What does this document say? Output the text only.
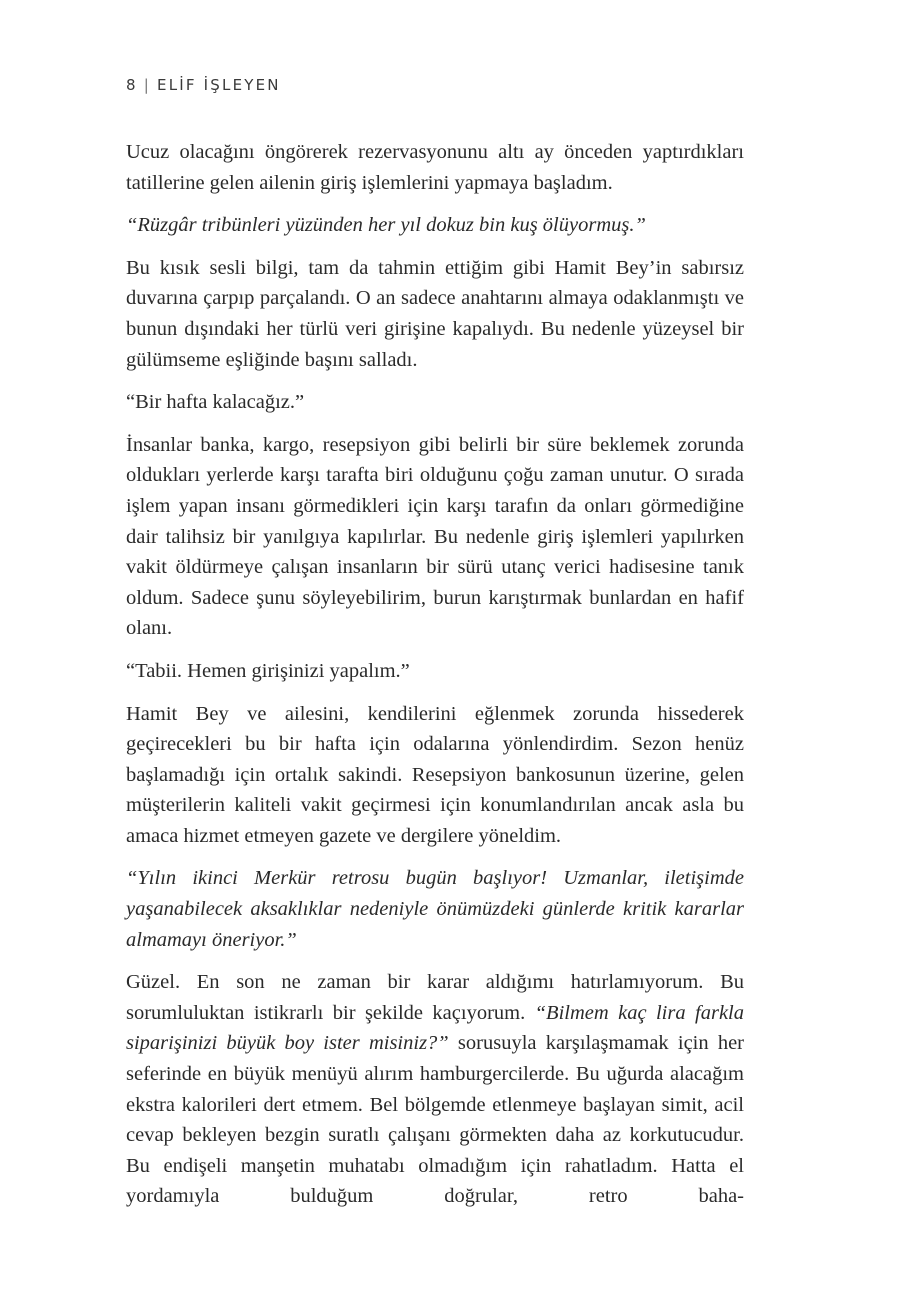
8 | ELİF İŞLEYEN

Ucuz olacağını öngörerek rezervasyonunu altı ay önceden yaptırdıkları tatillerine gelen ailenin giriş işlemlerini yapmaya başladım.

“Rüzgâr tribünleri yüzünden her yıl dokuz bin kuş ölüyormuş.”

Bu kısık sesli bilgi, tam da tahmin ettiğim gibi Hamit Bey’in sabırsız duvarına çarpıp parçalandı. O an sadece anahtarını almaya odaklanmıştı ve bunun dışındaki her türlü veri girişine kapalıydı. Bu nedenle yüzeysel bir gülümseme eşliğinde başını salladı.

“Bir hafta kalacağız.”

İnsanlar banka, kargo, resepsiyon gibi belirli bir süre beklemek zorunda oldukları yerlerde karşı tarafta biri olduğunu çoğu zaman unutur. O sırada işlem yapan insanı görmedikleri için karşı tarafın da onları görmediğine dair talihsiz bir yanılgıya kapılırlar. Bu nedenle giriş işlemleri yapılırken vakit öldürmeye çalışan insanların bir sürü utanç verici hadisesine tanık oldum. Sadece şunu söyleyebilirim, burun karıştırmak bunlardan en hafif olanı.

“Tabii. Hemen girişinizi yapalım.”

Hamit Bey ve ailesini, kendilerini eğlenmek zorunda hissederek geçirecekleri bu bir hafta için odalarına yönlendirdim. Sezon henüz başlamadığı için ortalık sakindi. Resepsiyon bankosunun üzerine, gelen müşterilerin kaliteli vakit geçirmesi için konumlandırılan ancak asla bu amaca hizmet etmeyen gazete ve dergilere yöneldim.

“Yılın ikinci Merkür retrosu bugün başlıyor! Uzmanlar, iletişimde yaşanabilecek aksaklıklar nedeniyle önümüzdeki günlerde kritik kararlar almamayı öneriyor.”

Güzel. En son ne zaman bir karar aldığımı hatırlamıyorum. Bu sorumluluktan istikrarlı bir şekilde kaçıyorum. “Bilmem kaç lira farkla siparişinizi büyük boy ister misiniz?” sorusuyla karşılaşmamak için her seferinde en büyük menüyü alırım hamburgercilerde. Bu uğurda alacağım ekstra kalorileri dert etmem. Bel bölgemde etlenmeye başlayan simit, acil cevap bekleyen bezgin suratlı çalışanı görmekten daha az korkutucudur. Bu endişeli manşetin muhatabı olmadığım için rahatladım. Hatta el yordamıyla bulduğum doğrular, retro baha-
